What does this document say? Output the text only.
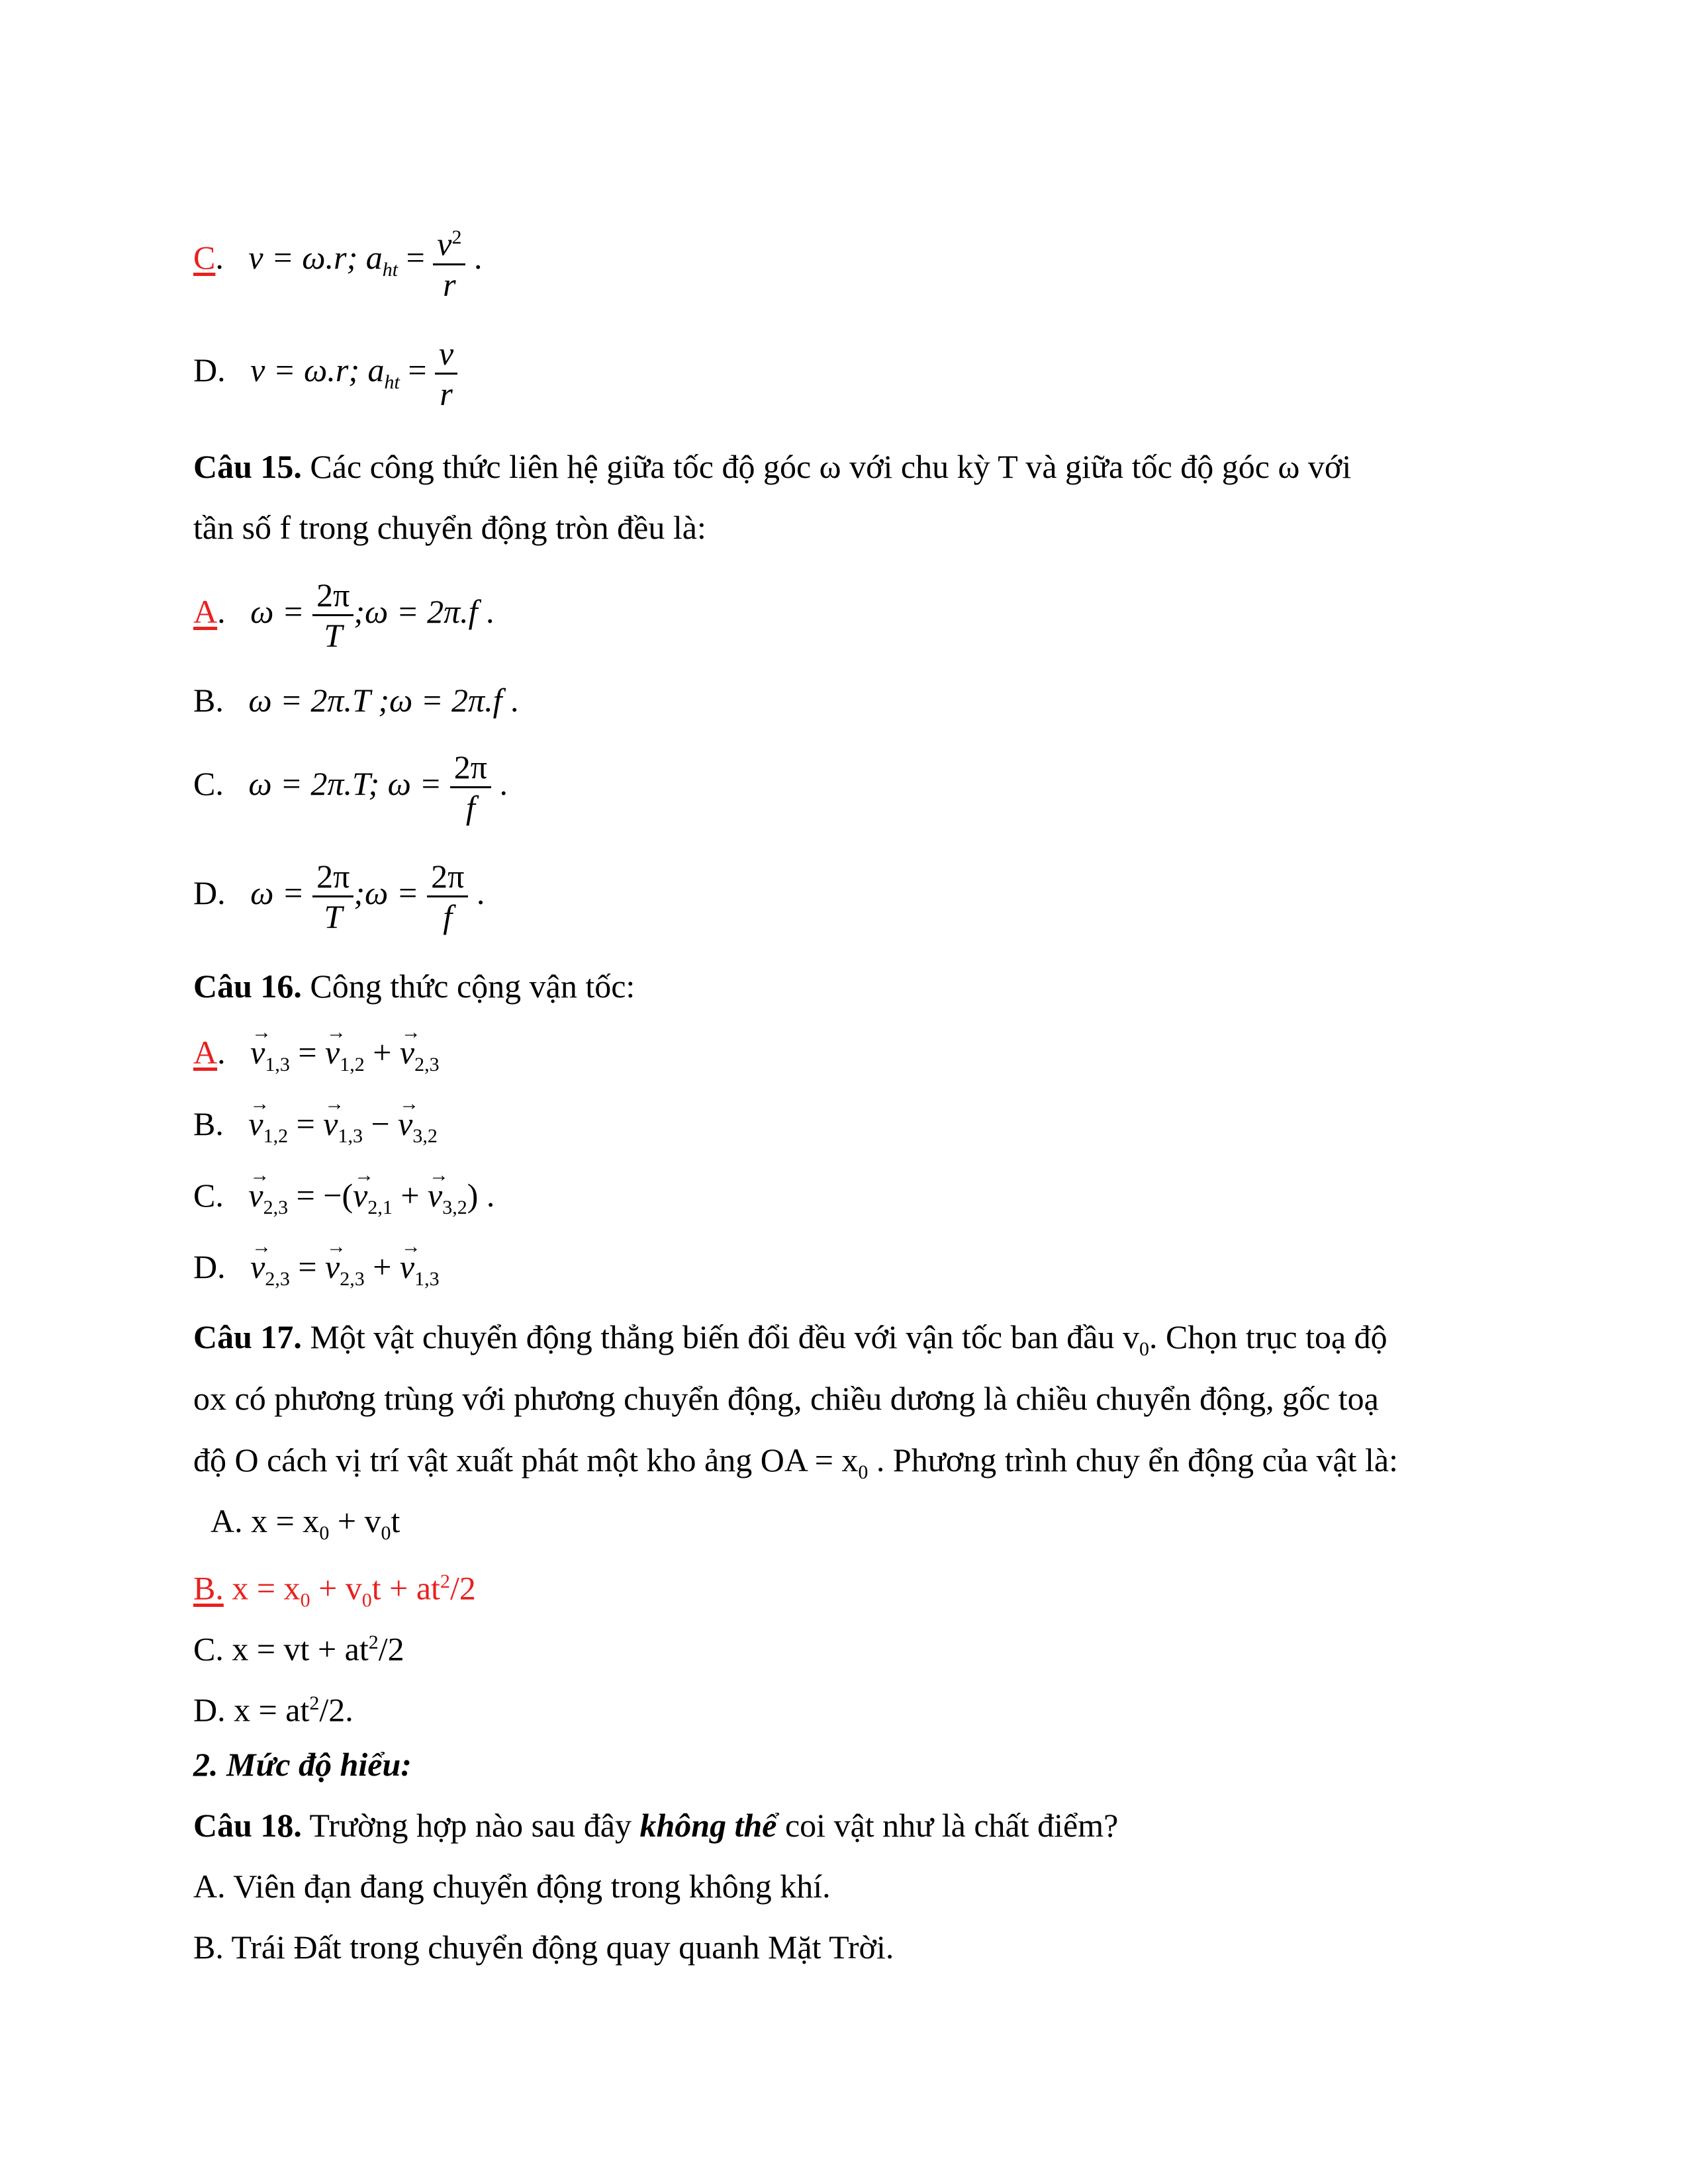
C.   v = ω.r; $a_{ht} = \frac{v^2}{r}$ .
D.   v = ω.r; $a_{ht} = \frac{v}{r}$
Câu 15. Các công thức liên hệ giữa tốc độ góc ω với chu kỳ T và giữa tốc độ góc ω với
tần số f trong chuyển động tròn đều là:
A.   $\omega = \frac{2\pi}{T}$ ;ω = 2π.f .
B.   ω = 2π.T ;ω = 2π.f .
C.   ω = 2π.T; $\omega = \frac{2\pi}{f}$ .
D.   $\omega = \frac{2\pi}{T}$ ;ω = $\frac{2\pi}{f}$ .
Câu 16. Công thức cộng vận tốc:
A.   → $v_{1,3}$ = → $v_{1,2}$ + → $v_{2,3}$
B.   → $v_{1,2}$ = → $v_{1,3}$ − → $v_{3,2}$
C.   → $v_{2,3}$ = −(→ $v_{2,1}$ + → $v_{3,2}$) .
D.   → $v_{2,3}$ = → $v_{2,3}$ + → $v_{1,3}$
Câu 17. Một vật chuyển động thẳng biến đổi đều với vận tốc ban đầu $v_0$. Chọn trục toạ độ
ox có phương trùng với phương chuyển động, chiều dương là chiều chuyển động, gốc toạ
độ O cách vị trí vật xuất phát một kho ảng OA = $x_0$ . Phương trình chuy ển động của vật là:
A. $x = x_0 + v_0t$
B. $x = x_0 + v_0t + at^2/2$
C. x = vt + $at^2/2$
D. $x = at^2/2$.
2. Mức độ hiểu:
Câu 18. Trường hợp nào sau đây không thể coi vật như là chất điểm?
A. Viên đạn đang chuyển động trong không khí.
B. Trái Đất trong chuyển động quay quanh Mặt Trời.
